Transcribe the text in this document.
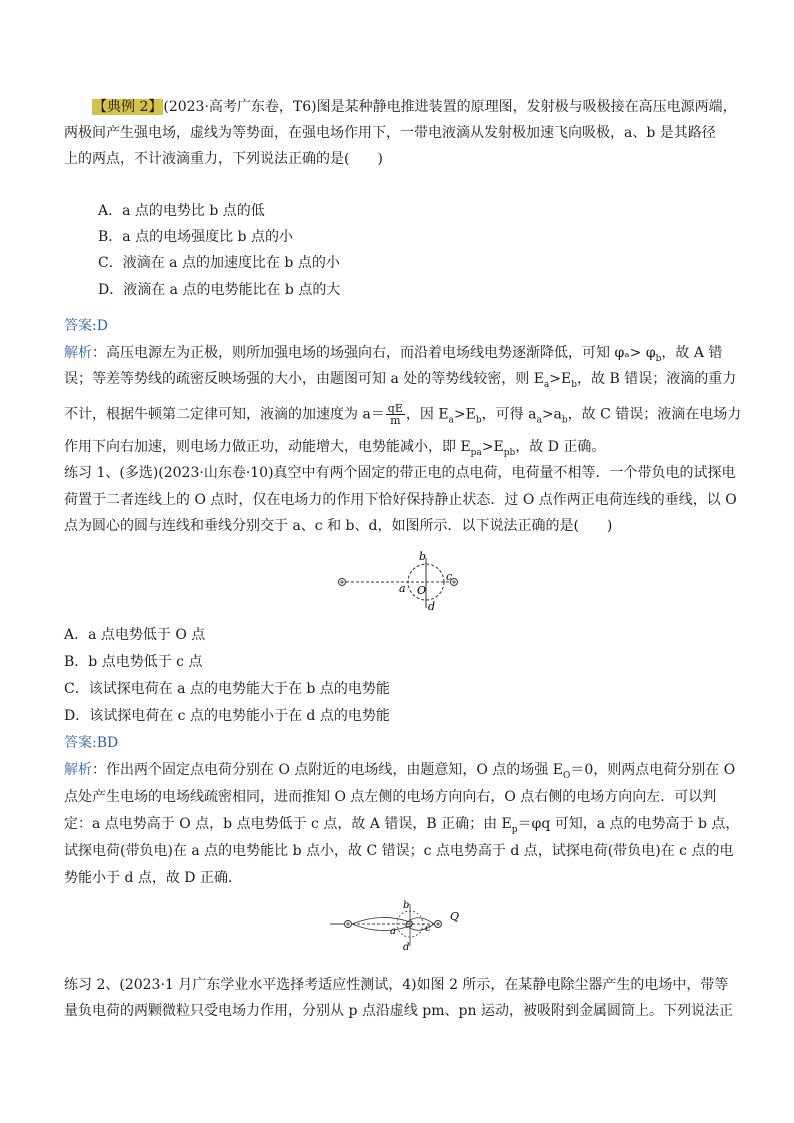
【典例 2】(2023·高考广东卷，T6)图是某种静电推进装置的原理图，发射极与吸极接在高压电源两端，
两极间产生强电场，虚线为等势面，在强电场作用下，一带电液滴从发射极加速飞向吸极，a、b 是其路径
上的两点，不计液滴重力，下列说法正确的是(　　)
A．a 点的电势比 b 点的低
B．a 点的电场强度比 b 点的小
C．液滴在 a 点的加速度比在 b 点的小
D．液滴在 a 点的电势能比在 b 点的大
答案:D
解析：高压电源左为正极，则所加强电场的场强向右，而沿着电场线电势逐渐降低，可知 $\varphi_a> \varphi_b$，故 A 错
误；等差等势线的疏密反映场强的大小，由题图可知 a 处的等势线较密，则 $E_a>E_b$，故 B 错误；液滴的重力
不计，根据牛顿第二定律可知，液滴的加速度为 $a= \frac{qE}{m}$ ，因 $E_a>E_b$，可得 $a_a>a_b$，故 C 错误；液滴在电场力
作用下向右加速，则电场力做正功，动能增大，电势能减小，即 $E_{pa}>E_{pb}$，故 D 正确。
练习 1、(多选)(2023·山东卷·10)真空中有两个固定的带正电的点电荷，电荷量不相等．一个带负电的试探电
荷置于二者连线上的 O 点时，仅在电场力的作用下恰好保持静止状态．过 O 点作两正电荷连线的垂线，以 O
点为圆心的圆与连线和垂线分别交于 a、c 和 b、d，如图所示．以下说法正确的是(　　)
b
a O
c
d
A．a 点电势低于 O 点
B．b 点电势低于 c 点
C．该试探电荷在 a 点的电势能大于在 b 点的电势能
D．该试探电荷在 c 点的电势能小于在 d 点的电势能
答案:BD
解析：作出两个固定点电荷分别在 O 点附近的电场线，由题意知，O 点的场强 $E_O=0$，则两点电荷分别在 O
点处产生电场的电场线疏密相同，进而推知 O 点左侧的电场方向向右，O 点右侧的电场方向向左．可以判
定：a 点电势高于 O 点，b 点电势低于 c 点，故 A 错误，B 正确；由 $E_p=\varphi q$ 可知，a 点的电势高于 b 点，
试探电荷(带负电)在 a 点的电势能比 b 点小，故 C 错误；c 点电势高于 d 点，试探电荷(带负电)在 c 点的电
势能小于 d 点，故 D 正确．
b
a
O c
d
Q
练习 2、(2023·1 月广东学业水平选择考适应性测试，4)如图 2 所示，在某静电除尘器产生的电场中，带等
量负电荷的两颗微粒只受电场力作用，分别从 p 点沿虚线 pm、pn 运动，被吸附到金属圆筒上。下列说法正
